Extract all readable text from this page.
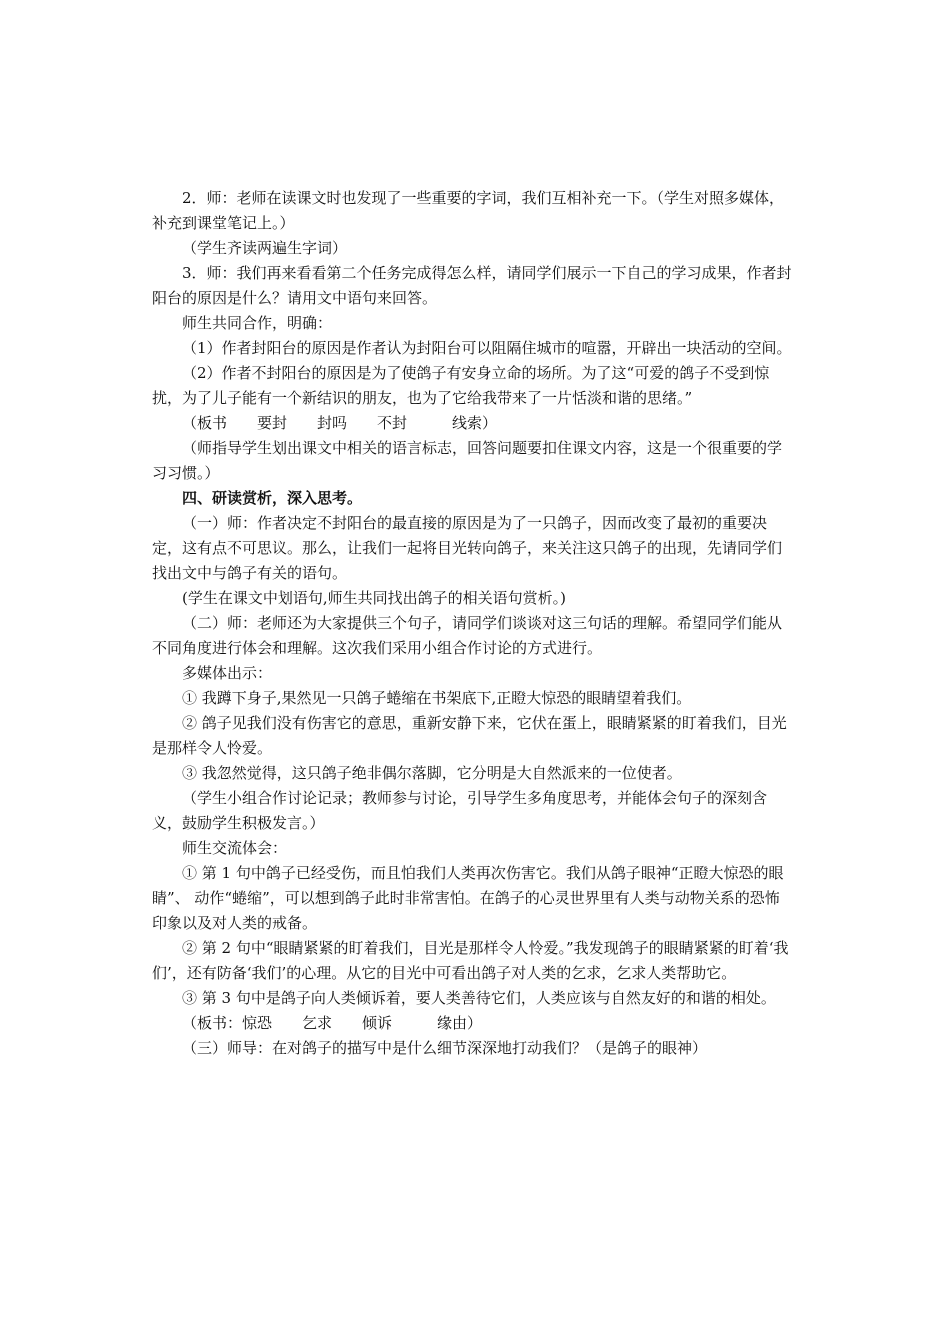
2．师：老师在读课文时也发现了一些重要的字词，我们互相补充一下。（学生对照多媒体，补充到课堂笔记上。）

（学生齐读两遍生字词）

3．师：我们再来看看第二个任务完成得怎么样，请同学们展示一下自己的学习成果，作者封阳台的原因是什么？请用文中语句来回答。

师生共同合作，明确：

（1）作者封阳台的原因是作者认为封阳台可以阻隔住城市的喧嚣，开辟出一块活动的空间。

（2）作者不封阳台的原因是为了使鸽子有安身立命的场所。为了这“可爱的鸽子不受到惊扰，为了儿子能有一个新结识的朋友，也为了它给我带来了一片恬淡和谐的思绪。”

（板书　　要封　　封吗　　不封　　　线索）

（师指导学生划出课文中相关的语言标志，回答问题要扣住课文内容，这是一个很重要的学习习惯。）

四、研读赏析，深入思考。

（一）师：作者决定不封阳台的最直接的原因是为了一只鸽子，因而改变了最初的重要决定，这有点不可思议。那么，让我们一起将目光转向鸽子，来关注这只鸽子的出现，先请同学们找出文中与鸽子有关的语句。

(学生在课文中划语句,师生共同找出鸽子的相关语句赏析。)

（二）师：老师还为大家提供三个句子，请同学们谈谈对这三句话的理解。希望同学们能从不同角度进行体会和理解。这次我们采用小组合作讨论的方式进行。

多媒体出示：

① 我蹲下身子,果然见一只鸽子蜷缩在书架底下,正瞪大惊恐的眼睛望着我们。

② 鸽子见我们没有伤害它的意思，重新安静下来，它伏在蛋上，眼睛紧紧的盯着我们，目光是那样令人怜爱。

③ 我忽然觉得，这只鸽子绝非偶尔落脚，它分明是大自然派来的一位使者。

（学生小组合作讨论记录；教师参与讨论，引导学生多角度思考，并能体会句子的深刻含义，鼓励学生积极发言。）

师生交流体会：

① 第 1 句中鸽子已经受伤，而且怕我们人类再次伤害它。我们从鸽子眼神“正瞪大惊恐的眼睛”、 动作“蜷缩”，可以想到鸽子此时非常害怕。在鸽子的心灵世界里有人类与动物关系的恐怖印象以及对人类的戒备。

② 第 2 句中“眼睛紧紧的盯着我们，目光是那样令人怜爱。”我发现鸽子的眼睛紧紧的盯着‘我们’，还有防备‘我们’的心理。从它的目光中可看出鸽子对人类的乞求，乞求人类帮助它。

③ 第 3 句中是鸽子向人类倾诉着，要人类善待它们，人类应该与自然友好的和谐的相处。

（板书：惊恐　　乞求　　倾诉　　　缘由）

（三）师导：在对鸽子的描写中是什么细节深深地打动我们？（是鸽子的眼神）
